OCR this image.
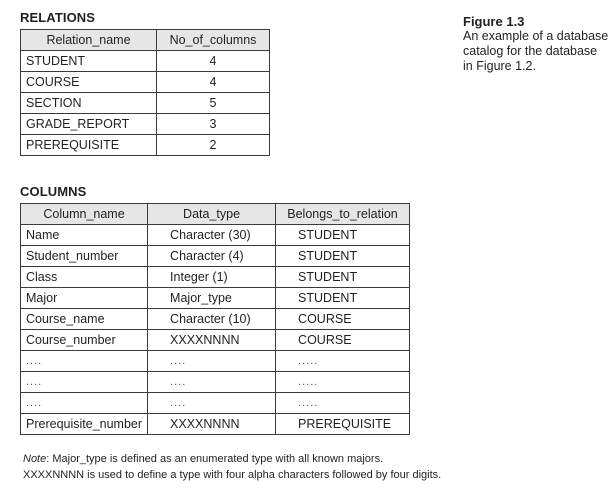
RELATIONS
Relation_name	No_of_columns
STUDENT	4
COURSE	4
SECTION	5
GRADE_REPORT	3
PREREQUISITE	2
Figure 1.3
An example of a database
catalog for the database
in Figure 1.2.
COLUMNS
Column_name	Data_type	Belongs_to_relation
Name	Character (30)	STUDENT
Student_number	Character (4)	STUDENT
Class	Integer (1)	STUDENT
Major	Major_type	STUDENT
Course_name	Character (10)	COURSE
Course_number	XXXXNNNN	COURSE
....	....	.....
....	....	.....
....	....	.....
Prerequisite_number	XXXXNNNN	PREREQUISITE
Note: Major_type is defined as an enumerated type with all known majors.
XXXXNNNN is used to define a type with four alpha characters followed by four digits.
